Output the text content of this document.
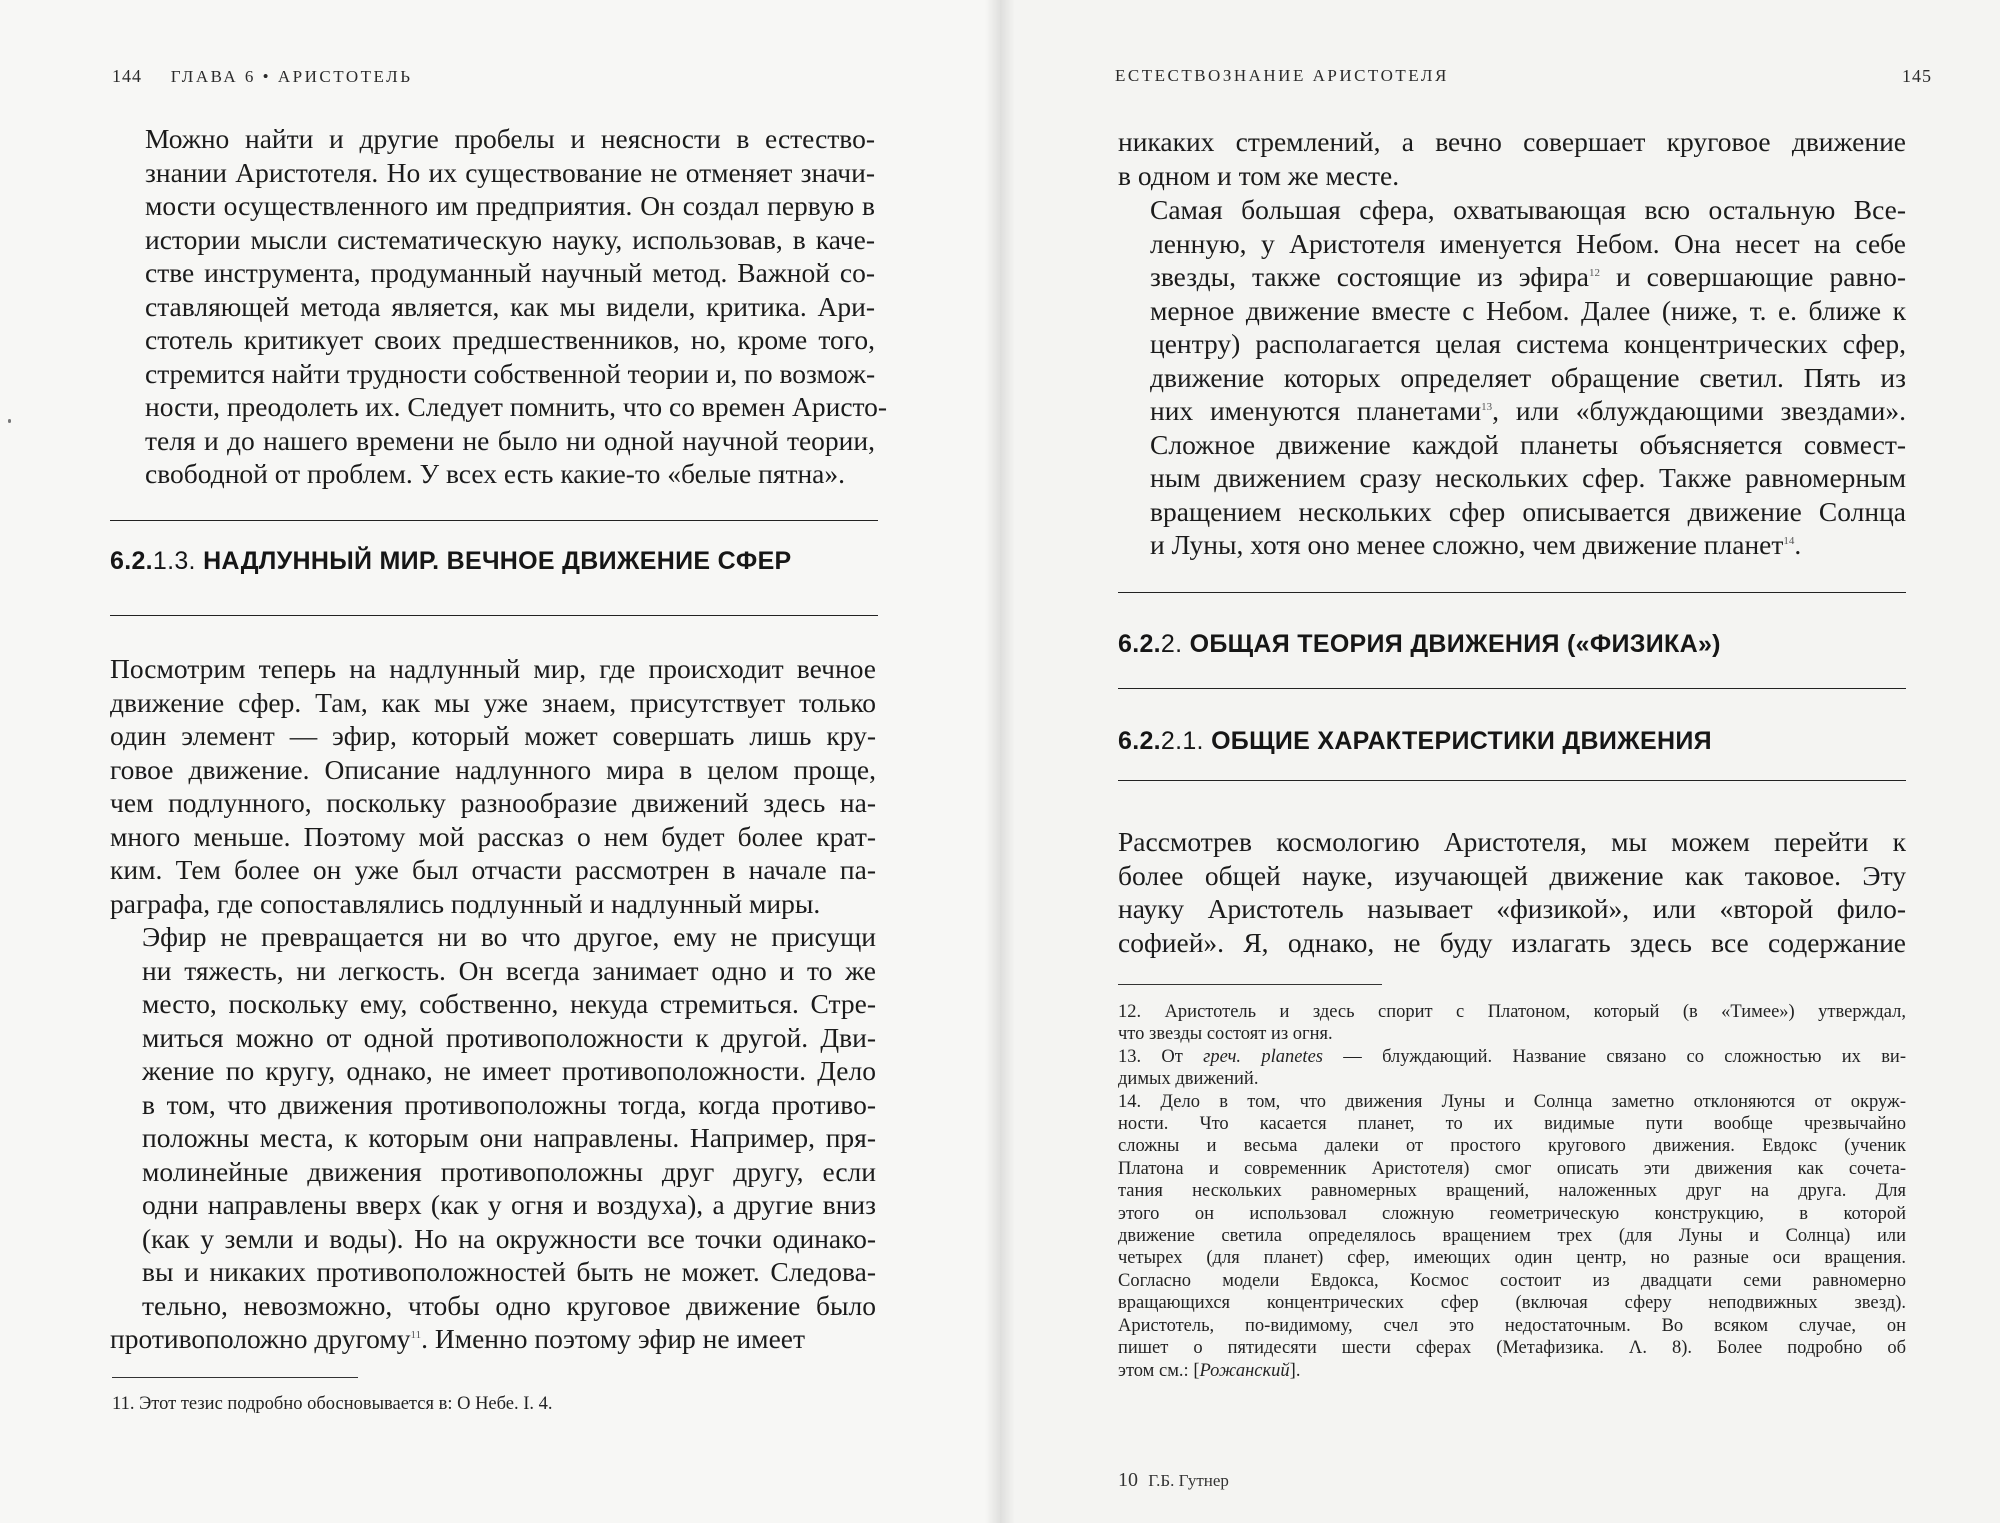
144 ГЛАВА 6 • АРИСТОТЕЛЬ

Можно найти и другие пробелы и неясности в естество-
знании Аристотеля. Но их существование не отменяет значи-
мости осуществленного им предприятия. Он создал первую в
истории мысли систематическую науку, использовав, в каче-
стве инструмента, продуманный научный метод. Важной со-
ставляющей метода является, как мы видели, критика. Ари-
стотель критикует своих предшественников, но, кроме того,
стремится найти трудности собственной теории и, по возмож-
ности, преодолеть их. Следует помнить, что со времен Аристо-
теля и до нашего времени не было ни одной научной теории,
свободной от проблем. У всех есть какие-то «белые пятна».

6.2.1.3. НАДЛУННЫЙ МИР. ВЕЧНОЕ ДВИЖЕНИЕ СФЕР

Посмотрим теперь на надлунный мир, где происходит вечное
движение сфер. Там, как мы уже знаем, присутствует только
один элемент — эфир, который может совершать лишь кру-
говое движение. Описание надлунного мира в целом проще,
чем подлунного, поскольку разнообразие движений здесь на-
много меньше. Поэтому мой рассказ о нем будет более крат-
ким. Тем более он уже был отчасти рассмотрен в начале па-
раграфа, где сопоставлялись подлунный и надлунный миры.

Эфир не превращается ни во что другое, ему не присущи
ни тяжесть, ни легкость. Он всегда занимает одно и то же
место, поскольку ему, собственно, некуда стремиться. Стре-
миться можно от одной противоположности к другой. Дви-
жение по кругу, однако, не имеет противоположности. Дело
в том, что движения противоположны тогда, когда противо-
положны места, к которым они направлены. Например, пря-
молинейные движения противоположны друг другу, если
одни направлены вверх (как у огня и воздуха), а другие вниз
(как у земли и воды). Но на окружности все точки одинако-
вы и никаких противоположностей быть не может. Следова-
тельно, невозможно, чтобы одно круговое движение было

противоположно другому$^{11}$. Именно поэтому эфир не имеет

11. Этот тезис подробно обосновывается в: О Небе. I. 4.

ЕСТЕСТВОЗНАНИЕ АРИСТОТЕЛЯ	145

никаких стремлений, а вечно совершает круговое движение
в одном и том же месте.

Самая большая сфера, охватывающая всю остальную Все-
ленную, у Аристотеля именуется Небом. Она несет на себе
звезды, также состоящие из эфира$^{12}$ и совершающие равно-
мерное движение вместе с Небом. Далее (ниже, т. е. ближе к
центру) располагается целая система концентрических сфер,
движение которых определяет обращение светил. Пять из
них именуются планетами$^{13}$, или «блуждающими звездами».
Сложное движение каждой планеты объясняется совмест-
ным движением сразу нескольких сфер. Также равномерным
вращением нескольких сфер описывается движение Солнца
и Луны, хотя оно менее сложно, чем движение планет$^{14}$.

6.2.2. ОБЩАЯ ТЕОРИЯ ДВИЖЕНИЯ («ФИЗИКА»)
6.2.2.1. ОБЩИЕ ХАРАКТЕРИСТИКИ ДВИЖЕНИЯ

Рассмотрев космологию Аристотеля, мы можем перейти к
более общей науке, изучающей движение как таковое. Эту
науку Аристотель называет «физикой», или «второй фило-
софией». Я, однако, не буду излагать здесь все содержание

12. Аристотель и здесь спорит с Платоном, который (в «Тимее») утверждал,
что звезды состоят из огня.

13. От греч. planetes — блуждающий. Название связано со сложностью их ви-
димых движений.

14. Дело в том, что движения Луны и Солнца заметно отклоняются от окруж-
ности. Что касается планет, то их видимые пути вообще чрезвычайно
сложны и весьма далеки от простого кругового движения. Евдокс (ученик
Платона и современник Аристотеля) смог описать эти движения как сочета-
тания нескольких равномерных вращений, наложенных друг на друга. Для
этого он использовал сложную геометрическую конструкцию, в которой
движение светила определялось вращением трех (для Луны и Солнца) или
четырех (для планет) сфер, имеющих один центр, но разные оси вращения.
Согласно модели Евдокса, Космос состоит из двадцати семи равномерно
вращающихся концентрических сфер (включая сферу неподвижных звезд).
Аристотель, по-видимому, счел это недостаточным. Во всяком случае, он
пишет о пятидесяти шести сферах (Метафизика. Λ. 8). Более подробно об

этом см.: [Рожанский].

10 Г.Б. Гутнер
